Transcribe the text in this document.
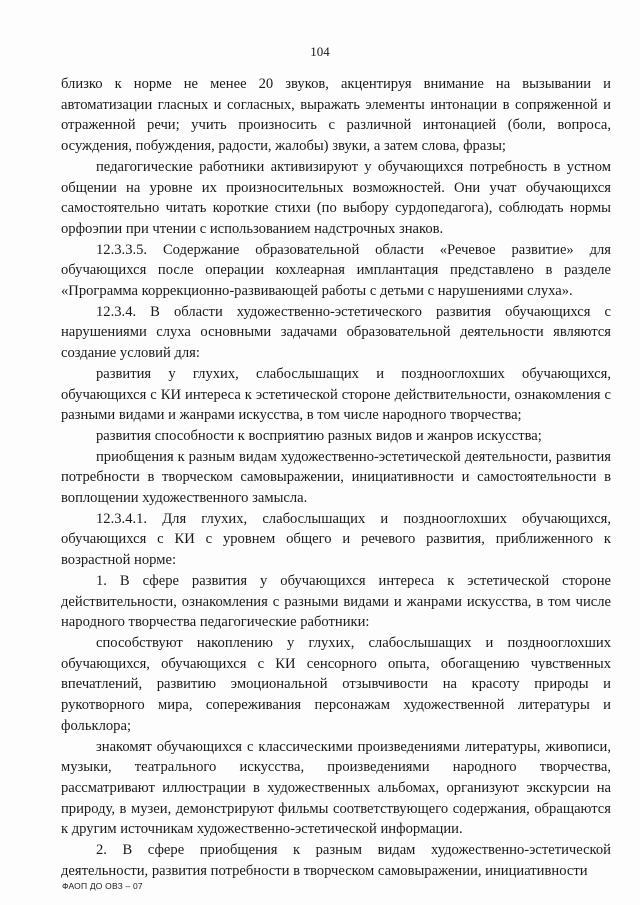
104

близко к норме не менее 20 звуков, акцентируя внимание на вызывании и автоматизации гласных и согласных, выражать элементы интонации в сопряженной и отраженной речи; учить произносить с различной интонацией (боли, вопроса, осуждения, побуждения, радости, жалобы) звуки, а затем слова, фразы;

педагогические работники активизируют у обучающихся потребность в устном общении на уровне их произносительных возможностей. Они учат обучающихся самостоятельно читать короткие стихи (по выбору сурдопедагога), соблюдать нормы орфоэпии при чтении с использованием надстрочных знаков.

12.3.3.5. Содержание образовательной области «Речевое развитие» для обучающихся после операции кохлеарная имплантация представлено в разделе «Программа коррекционно-развивающей работы с детьми с нарушениями слуха».

12.3.4. В области художественно-эстетического развития обучающихся с нарушениями слуха основными задачами образовательной деятельности являются создание условий для:

развития у глухих, слабослышащих и позднооглохших обучающихся, обучающихся с КИ интереса к эстетической стороне действительности, ознакомления с разными видами и жанрами искусства, в том числе народного творчества;

развития способности к восприятию разных видов и жанров искусства;

приобщения к разным видам художественно-эстетической деятельности, развития потребности в творческом самовыражении, инициативности и самостоятельности в воплощении художественного замысла.

12.3.4.1. Для глухих, слабослышащих и позднооглохших обучающихся, обучающихся с КИ с уровнем общего и речевого развития, приближенного к возрастной норме:

1. В сфере развития у обучающихся интереса к эстетической стороне действительности, ознакомления с разными видами и жанрами искусства, в том числе народного творчества педагогические работники:

способствуют накоплению у глухих, слабослышащих и позднооглохших обучающихся, обучающихся с КИ сенсорного опыта, обогащению чувственных впечатлений, развитию эмоциональной отзывчивости на красоту природы и рукотворного мира, сопереживания персонажам художественной литературы и фольклора;

знакомят обучающихся с классическими произведениями литературы, живописи, музыки, театрального искусства, произведениями народного творчества, рассматривают иллюстрации в художественных альбомах, организуют экскурсии на природу, в музеи, демонстрируют фильмы соответствующего содержания, обращаются к другим источникам художественно-эстетической информации.

2. В сфере приобщения к разным видам художественно-эстетической деятельности, развития потребности в творческом самовыражении, инициативности

ФАОП ДО ОВЗ – 07
